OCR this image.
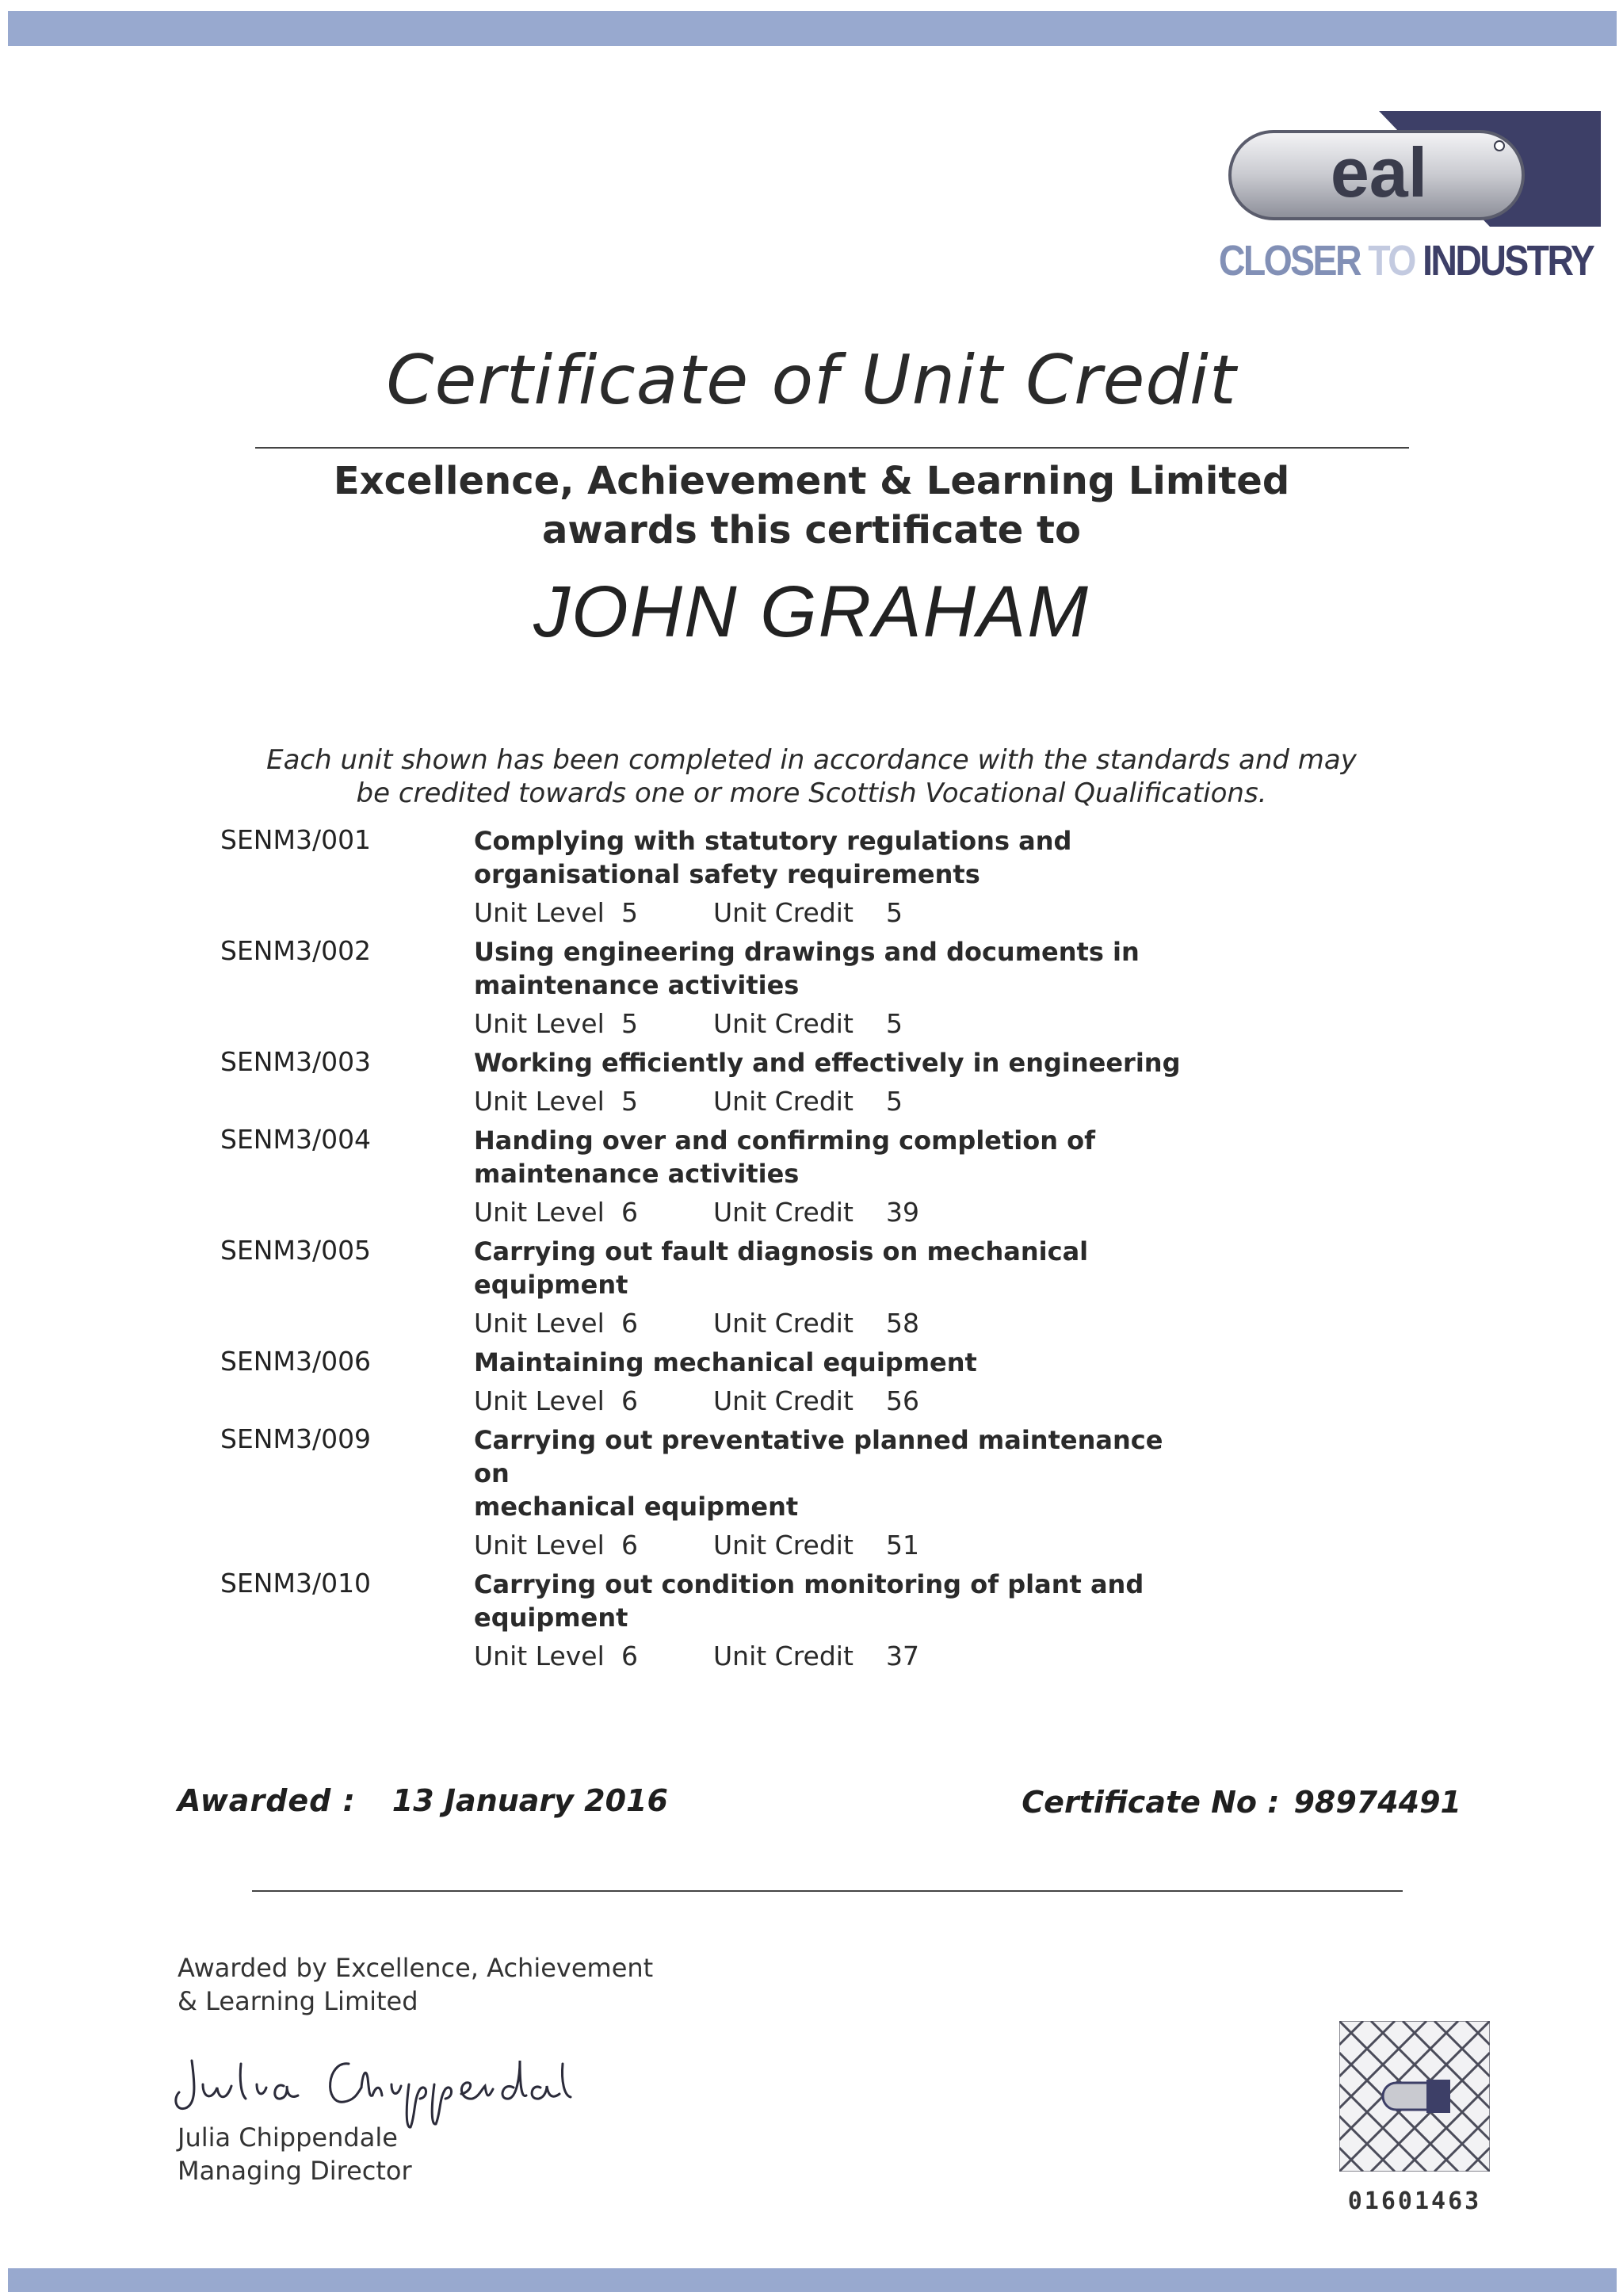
eal
CLOSER TO INDUSTRY
Certificate of Unit Credit
Excellence, Achievement & Learning Limited
awards this certificate to
JOHN GRAHAM
Each unit shown has been completed in accordance with the standards and may
be credited towards one or more Scottish Vocational Qualifications.
SENM3/001	Complying with statutory regulations and
organisational safety requirements
Unit Level 5	Unit Credit 5
SENM3/002	Using engineering drawings and documents in
maintenance activities
Unit Level 5	Unit Credit 5
SENM3/003	Working efficiently and effectively in engineering
Unit Level 5	Unit Credit 5
SENM3/004	Handing over and confirming completion of
maintenance activities
Unit Level 6	Unit Credit 39
SENM3/005	Carrying out fault diagnosis on mechanical equipment
Unit Level 6	Unit Credit 58
SENM3/006	Maintaining mechanical equipment
Unit Level 6	Unit Credit 56
SENM3/009	Carrying out preventative planned maintenance on
mechanical equipment
Unit Level 6	Unit Credit 51
SENM3/010	Carrying out condition monitoring of plant and
equipment
Unit Level 6	Unit Credit 37
Awarded : 13 January 2016	Certificate No : 98974491
Awarded by Excellence, Achievement
& Learning Limited
Julia Chippendale
Managing Director
01601463
